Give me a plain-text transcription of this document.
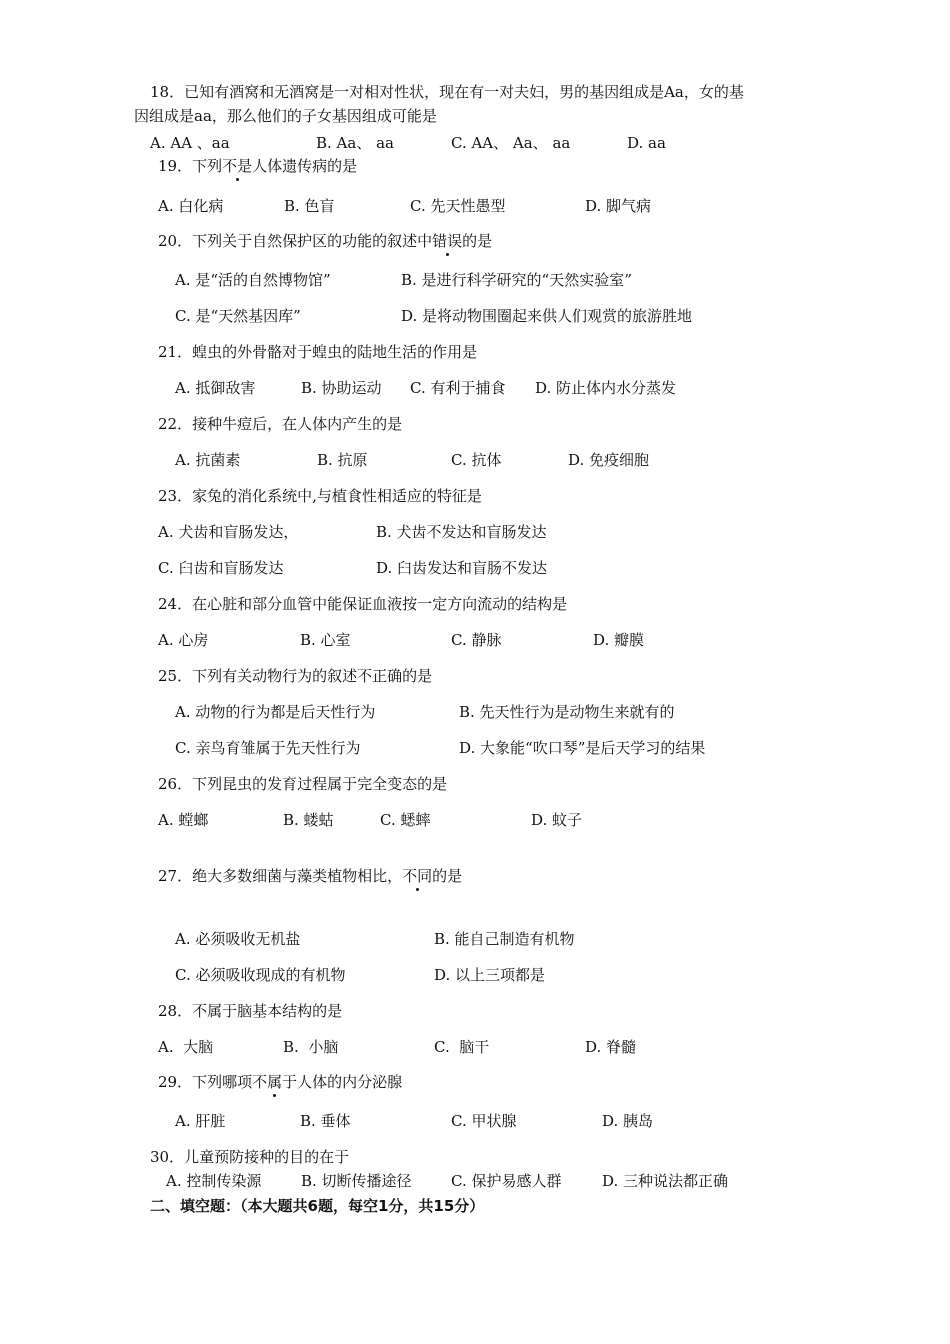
18．已知有酒窝和无酒窝是一对相对性状，现在有一对夫妇，男的基因组成是Aa，女的基
因组成是aa，那么他们的子女基因组成可能是
A. AA 、aa	B. Aa、 aa	C. AA、 Aa、 aa	D. aa
19．下列不是人体遗传病的是
A. 白化病	B. 色盲	C. 先天性愚型	D. 脚气病
20．下列关于自然保护区的功能的叙述中错误的是
A. 是“活的自然博物馆”	B. 是进行科学研究的“天然实验室”
C. 是“天然基因库”	D. 是将动物围圈起来供人们观赏的旅游胜地
21．蝗虫的外骨骼对于蝗虫的陆地生活的作用是
A. 抵御敌害	B. 协助运动 C. 有利于捕食 D. 防止体内水分蒸发
22．接种牛痘后，在人体内产生的是
A. 抗菌素	B. 抗原	C. 抗体	D. 免疫细胞
23．家兔的消化系统中,与植食性相适应的特征是
A. 犬齿和盲肠发达，	B. 犬齿不发达和盲肠发达
C. 臼齿和盲肠发达	D. 臼齿发达和盲肠不发达
24．在心脏和部分血管中能保证血液按一定方向流动的结构是
A. 心房	B. 心室	C. 静脉	D. 瓣膜
25．下列有关动物行为的叙述不正确的是
A. 动物的行为都是后天性行为	B. 先天性行为是动物生来就有的
C. 亲鸟育雏属于先天性行为	D. 大象能“吹口琴”是后天学习的结果
26．下列昆虫的发育过程属于完全变态的是
A. 螳螂	B. 蝼蛄	C. 蟋蟀	D. 蚊子
27．绝大多数细菌与藻类植物相比，不同的是
A. 必须吸收无机盐	B. 能自己制造有机物
C. 必须吸收现成的有机物	D. 以上三项都是
28．不属于脑基本结构的是
A.  大脑	B.  小脑	C.  脑干	D. 脊髓
29．下列哪项不属于人体的内分泌腺
A. 肝脏	B. 垂体	C. 甲状腺	D. 胰岛
30．儿童预防接种的目的在于
A. 控制传染源	B. 切断传播途径	C. 保护易感人群	D. 三种说法都正确
二、填空题：（本大题共6题，每空1分，共15分）
